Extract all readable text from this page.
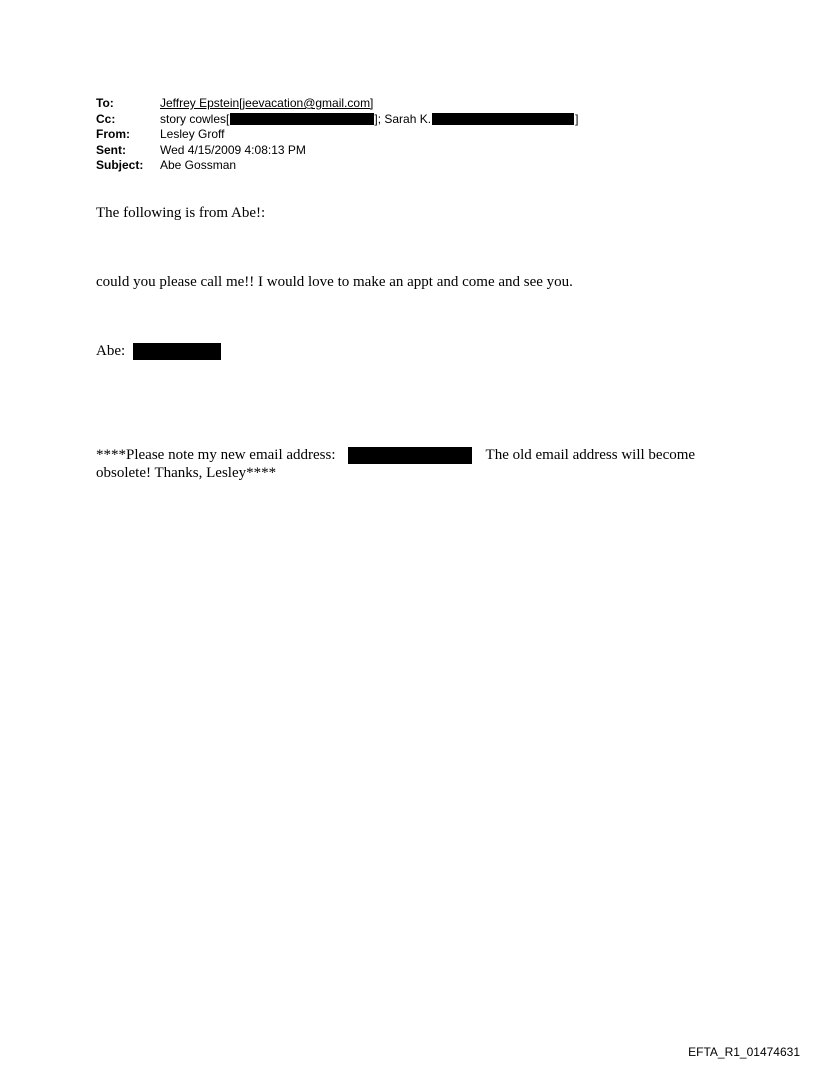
To:	Jeffrey Epstein[jeevacation@gmail.com]
Cc:	story cowles[	]; Sarah K.	]
From:	Lesley Groff
Sent:	Wed 4/15/2009 4:08:13 PM
Subject:	Abe Gossman
The following is from Abe!:
could you please call me!! I would love to make an appt and come and see you.
Abe:
****Please note my new email address:	The old email address will become
obsolete! Thanks, Lesley****
EFTA_R1_01474631
